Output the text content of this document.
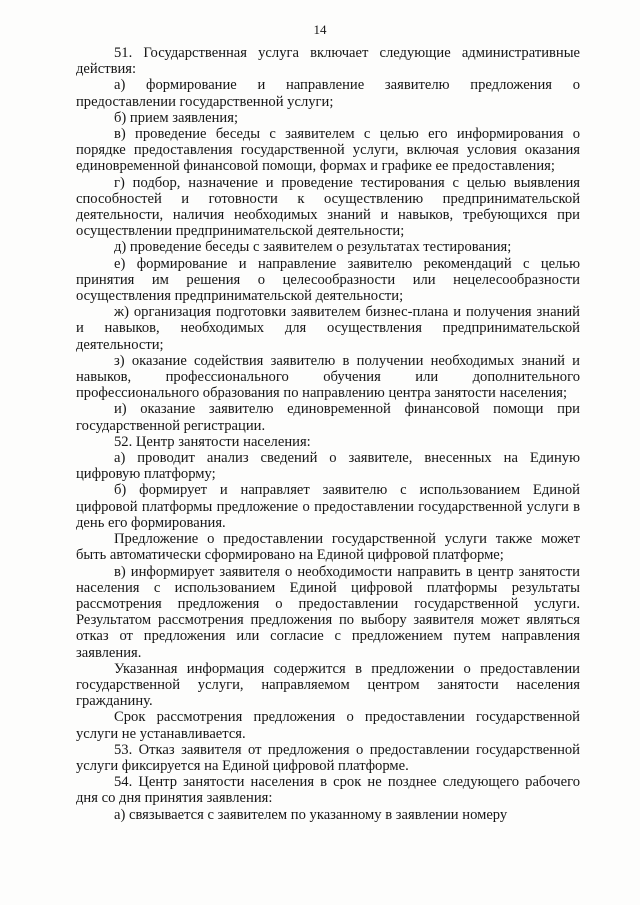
14

51. Государственная услуга включает следующие административные действия:

а) формирование и направление заявителю предложения о предоставлении государственной услуги;

б) прием заявления;

в) проведение беседы с заявителем с целью его информирования о порядке предоставления государственной услуги, включая условия оказания единовременной финансовой помощи, формах и графике ее предоставления;

г) подбор, назначение и проведение тестирования с целью выявления способностей и готовности к осуществлению предпринимательской деятельности, наличия необходимых знаний и навыков, требующихся при осуществлении предпринимательской деятельности;

д) проведение беседы с заявителем о результатах тестирования;

е) формирование и направление заявителю рекомендаций с целью принятия им решения о целесообразности или нецелесообразности осуществления предпринимательской деятельности;

ж) организация подготовки заявителем бизнес-плана и получения знаний и навыков, необходимых для осуществления предпринимательской деятельности;

з) оказание содействия заявителю в получении необходимых знаний и навыков, профессионального обучения или дополнительного профессионального образования по направлению центра занятости населения;

и) оказание заявителю единовременной финансовой помощи при государственной регистрации.

52. Центр занятости населения:

а) проводит анализ сведений о заявителе, внесенных на Единую цифровую платформу;

б) формирует и направляет заявителю с использованием Единой цифровой платформы предложение о предоставлении государственной услуги в день его формирования.

Предложение о предоставлении государственной услуги также может быть автоматически сформировано на Единой цифровой платформе;

в) информирует заявителя о необходимости направить в центр занятости населения с использованием Единой цифровой платформы результаты рассмотрения предложения о предоставлении государственной услуги. Результатом рассмотрения предложения по выбору заявителя может являться отказ от предложения или согласие с предложением путем направления заявления.

Указанная информация содержится в предложении о предоставлении государственной услуги, направляемом центром занятости населения гражданину.

Срок рассмотрения предложения о предоставлении государственной услуги не устанавливается.

53. Отказ заявителя от предложения о предоставлении государственной услуги фиксируется на Единой цифровой платформе.

54. Центр занятости населения в срок не позднее следующего рабочего дня со дня принятия заявления:

а) связывается с заявителем по указанному в заявлении номеру
